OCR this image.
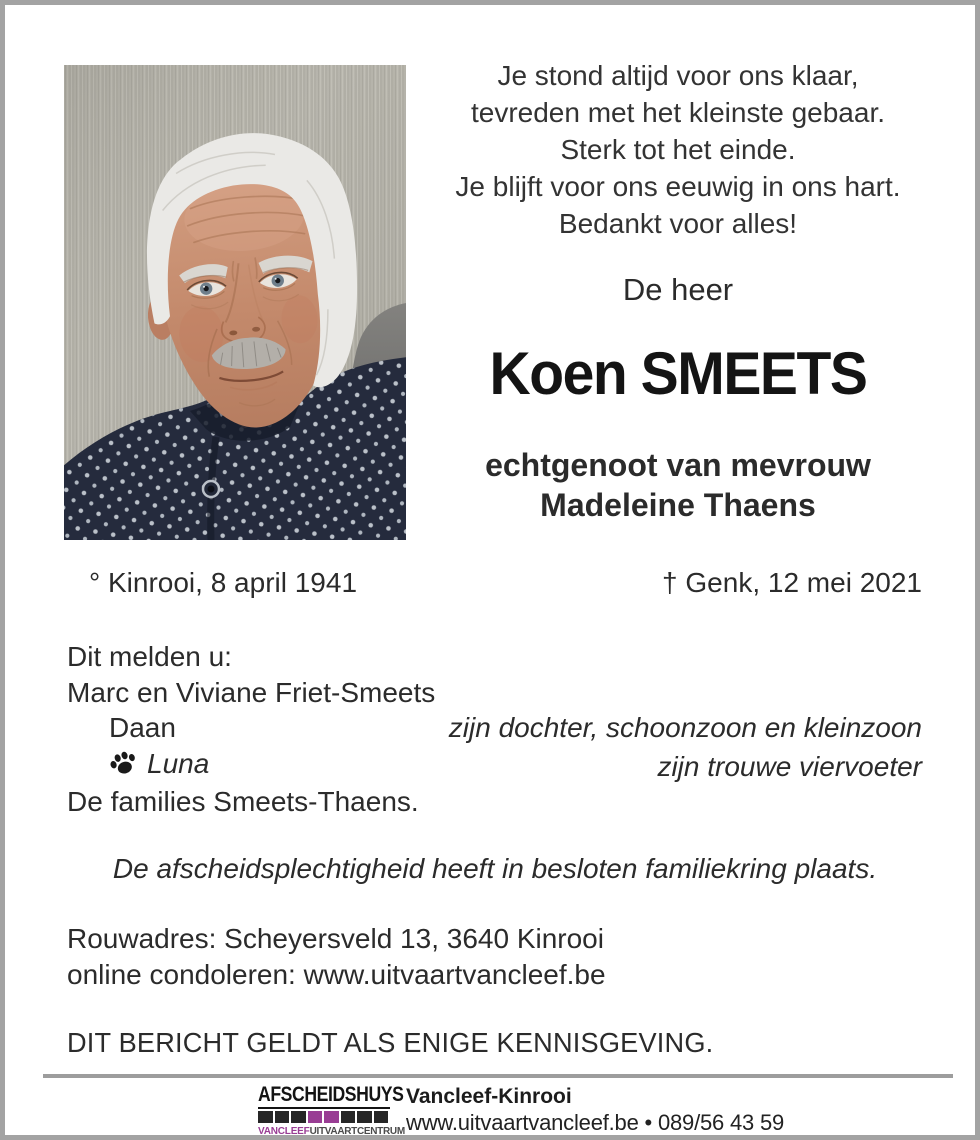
Je stond altijd voor ons klaar,
tevreden met het kleinste gebaar.
Sterk tot het einde.
Je blijft voor ons eeuwig in ons hart.
Bedankt voor alles!
De heer
Koen SMEETS
echtgenoot van mevrouw
Madeleine Thaens
° Kinrooi, 8 april 1941	† Genk, 12 mei 2021
Dit melden u:
Marc en Viviane Friet-Smeets
Daan	zijn dochter, schoonzoon en kleinzoon
Luna	zijn trouwe viervoeter
De families Smeets-Thaens.
De afscheidsplechtigheid heeft in besloten familiekring plaats.
Rouwadres: Scheyersveld 13, 3640 Kinrooi
online condoleren: www.uitvaartvancleef.be
DIT BERICHT GELDT ALS ENIGE KENNISGEVING.
AFSCHEIDSHUYS
VANCLEEF UITVAARTCENTRUM
Vancleef-Kinrooi
www.uitvaartvancleef.be • 089/56 43 59
